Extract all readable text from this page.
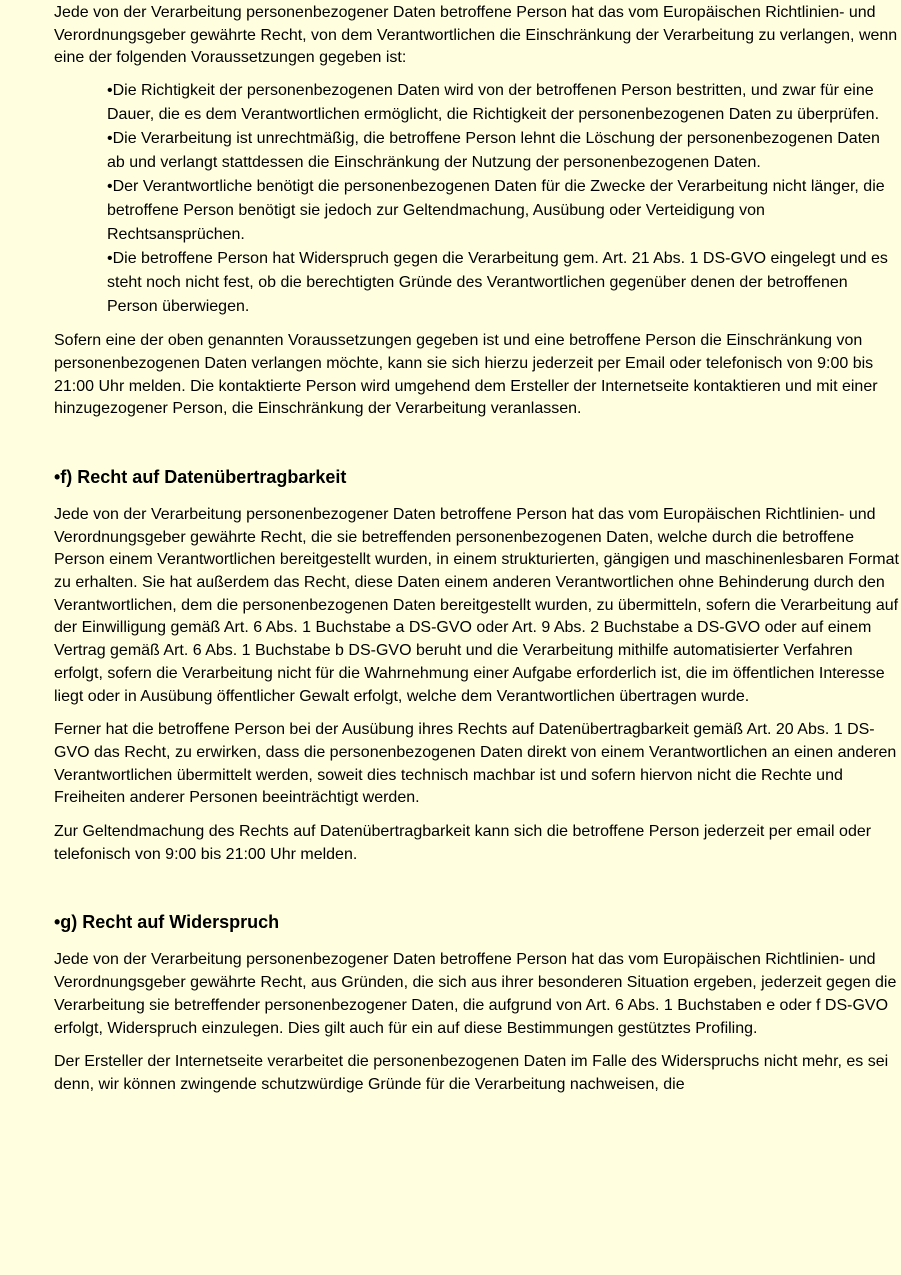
Jede von der Verarbeitung personenbezogener Daten betroffene Person hat das vom Europäischen Richtlinien- und Verordnungsgeber gewährte Recht, von dem Verantwortlichen die Einschränkung der Verarbeitung zu verlangen, wenn eine der folgenden Voraussetzungen gegeben ist:

•Die Richtigkeit der personenbezogenen Daten wird von der betroffenen Person bestritten, und zwar für eine Dauer, die es dem Verantwortlichen ermöglicht, die Richtigkeit der personenbezogenen Daten zu überprüfen.
•Die Verarbeitung ist unrechtmäßig, die betroffene Person lehnt die Löschung der personenbezogenen Daten ab und verlangt stattdessen die Einschränkung der Nutzung der personenbezogenen Daten.
•Der Verantwortliche benötigt die personenbezogenen Daten für die Zwecke der Verarbeitung nicht länger, die betroffene Person benötigt sie jedoch zur Geltendmachung, Ausübung oder Verteidigung von Rechtsansprüchen.
•Die betroffene Person hat Widerspruch gegen die Verarbeitung gem. Art. 21 Abs. 1 DS-GVO eingelegt und es steht noch nicht fest, ob die berechtigten Gründe des Verantwortlichen gegenüber denen der betroffenen Person überwiegen.

Sofern eine der oben genannten Voraussetzungen gegeben ist und eine betroffene Person die Einschränkung von personenbezogenen Daten verlangen möchte, kann sie sich hierzu jederzeit per Email oder telefonisch von 9:00 bis 21:00 Uhr melden. Die kontaktierte Person wird umgehend dem Ersteller der Internetseite kontaktieren und mit einer hinzugezogener Person, die Einschränkung der Verarbeitung veranlassen.

•f) Recht auf Datenübertragbarkeit

Jede von der Verarbeitung personenbezogener Daten betroffene Person hat das vom Europäischen Richtlinien- und Verordnungsgeber gewährte Recht, die sie betreffenden personenbezogenen Daten, welche durch die betroffene Person einem Verantwortlichen bereitgestellt wurden, in einem strukturierten, gängigen und maschinenlesbaren Format zu erhalten. Sie hat außerdem das Recht, diese Daten einem anderen Verantwortlichen ohne Behinderung durch den Verantwortlichen, dem die personenbezogenen Daten bereitgestellt wurden, zu übermitteln, sofern die Verarbeitung auf der Einwilligung gemäß Art. 6 Abs. 1 Buchstabe a DS-GVO oder Art. 9 Abs. 2 Buchstabe a DS-GVO oder auf einem Vertrag gemäß Art. 6 Abs. 1 Buchstabe b DS-GVO beruht und die Verarbeitung mithilfe automatisierter Verfahren erfolgt, sofern die Verarbeitung nicht für die Wahrnehmung einer Aufgabe erforderlich ist, die im öffentlichen Interesse liegt oder in Ausübung öffentlicher Gewalt erfolgt, welche dem Verantwortlichen übertragen wurde.

Ferner hat die betroffene Person bei der Ausübung ihres Rechts auf Datenübertragbarkeit gemäß Art. 20 Abs. 1 DS-GVO das Recht, zu erwirken, dass die personenbezogenen Daten direkt von einem Verantwortlichen an einen anderen Verantwortlichen übermittelt werden, soweit dies technisch machbar ist und sofern hiervon nicht die Rechte und Freiheiten anderer Personen beeinträchtigt werden.

Zur Geltendmachung des Rechts auf Datenübertragbarkeit kann sich die betroffene Person jederzeit per email oder telefonisch von 9:00 bis 21:00 Uhr melden.

•g) Recht auf Widerspruch

Jede von der Verarbeitung personenbezogener Daten betroffene Person hat das vom Europäischen Richtlinien- und Verordnungsgeber gewährte Recht, aus Gründen, die sich aus ihrer besonderen Situation ergeben, jederzeit gegen die Verarbeitung sie betreffender personenbezogener Daten, die aufgrund von Art. 6 Abs. 1 Buchstaben e oder f DS-GVO erfolgt, Widerspruch einzulegen. Dies gilt auch für ein auf diese Bestimmungen gestütztes Profiling.

Der Ersteller der Internetseite verarbeitet die personenbezogenen Daten im Falle des Widerspruchs nicht mehr, es sei denn, wir können zwingende schutzwürdige Gründe für die Verarbeitung nachweisen, die
